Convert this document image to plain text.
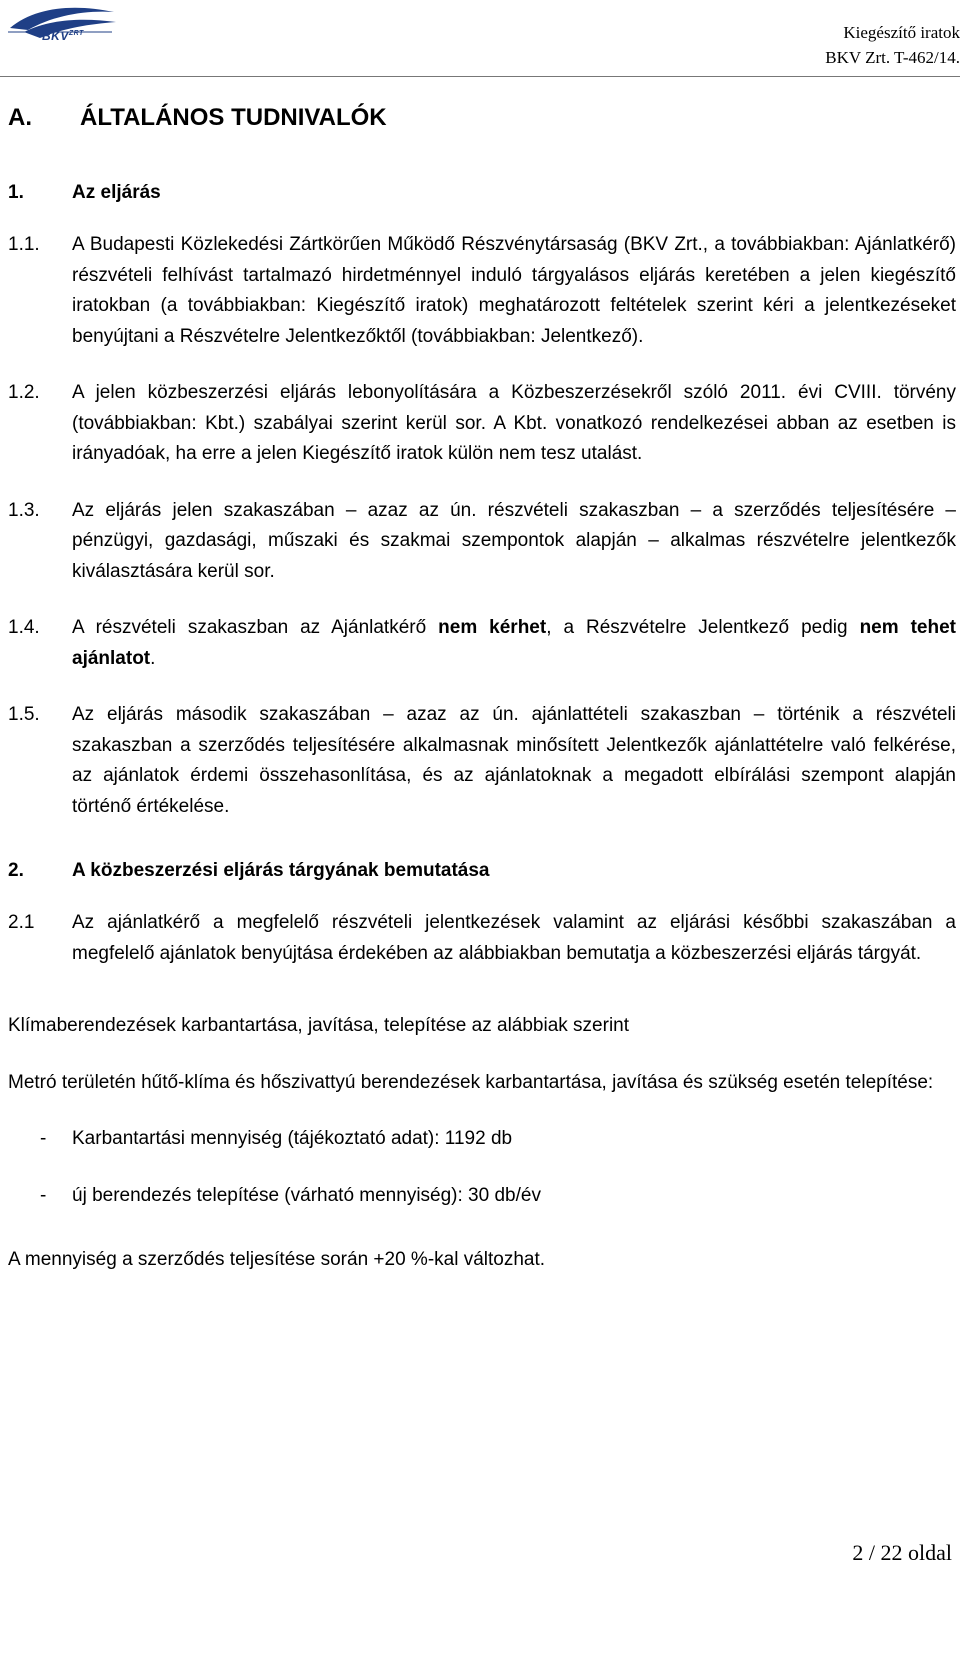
$BKV^{ZRT}$	Kiegészítő iratok
BKV Zrt. T-462/14.
A.	ÁLTALÁNOS TUDNIVALÓK
1.	Az eljárás
1.1.	A Budapesti Közlekedési Zártkörűen Működő Részvénytársaság (BKV Zrt., a továbbiakban: Ajánlatkérő) részvételi felhívást tartalmazó hirdetménnyel induló tárgyalásos eljárás keretében a jelen kiegészítő iratokban (a továbbiakban: Kiegészítő iratok) meghatározott feltételek szerint kéri a jelentkezéseket benyújtani a Részvételre Jelentkezőktől (továbbiakban: Jelentkező).
1.2.	A jelen közbeszerzési eljárás lebonyolítására a Közbeszerzésekről szóló 2011. évi CVIII. törvény (továbbiakban: Kbt.) szabályai szerint kerül sor. A Kbt. vonatkozó rendelkezései abban az esetben is irányadóak, ha erre a jelen Kiegészítő iratok külön nem tesz utalást.
1.3.	Az eljárás jelen szakaszában – azaz az ún. részvételi szakaszban – a szerződés teljesítésére – pénzügyi, gazdasági, műszaki és szakmai szempontok alapján – alkalmas részvételre jelentkezők kiválasztására kerül sor.
1.4.	A részvételi szakaszban az Ajánlatkérő nem kérhet, a Részvételre Jelentkező pedig nem tehet ajánlatot.
1.5.	Az eljárás második szakaszában – azaz az ún. ajánlattételi szakaszban – történik a részvételi szakaszban a szerződés teljesítésére alkalmasnak minősített Jelentkezők ajánlattételre való felkérése, az ajánlatok érdemi összehasonlítása, és az ajánlatoknak a megadott elbírálási szempont alapján történő értékelése.
2.	A közbeszerzési eljárás tárgyának bemutatása
2.1	Az ajánlatkérő a megfelelő részvételi jelentkezések valamint az eljárási későbbi szakaszában a megfelelő ajánlatok benyújtása érdekében az alábbiakban bemutatja a közbeszerzési eljárás tárgyát.
Klímaberendezések karbantartása, javítása, telepítése az alábbiak szerint
Metró területén hűtő-klíma és hőszivattyú berendezések karbantartása, javítása és szükség esetén telepítése:
-	Karbantartási mennyiség (tájékoztató adat): 1192 db
-	új berendezés telepítése (várható mennyiség): 30 db/év
A mennyiség a szerződés teljesítése során +20 %-kal változhat.
2 / 22 oldal
